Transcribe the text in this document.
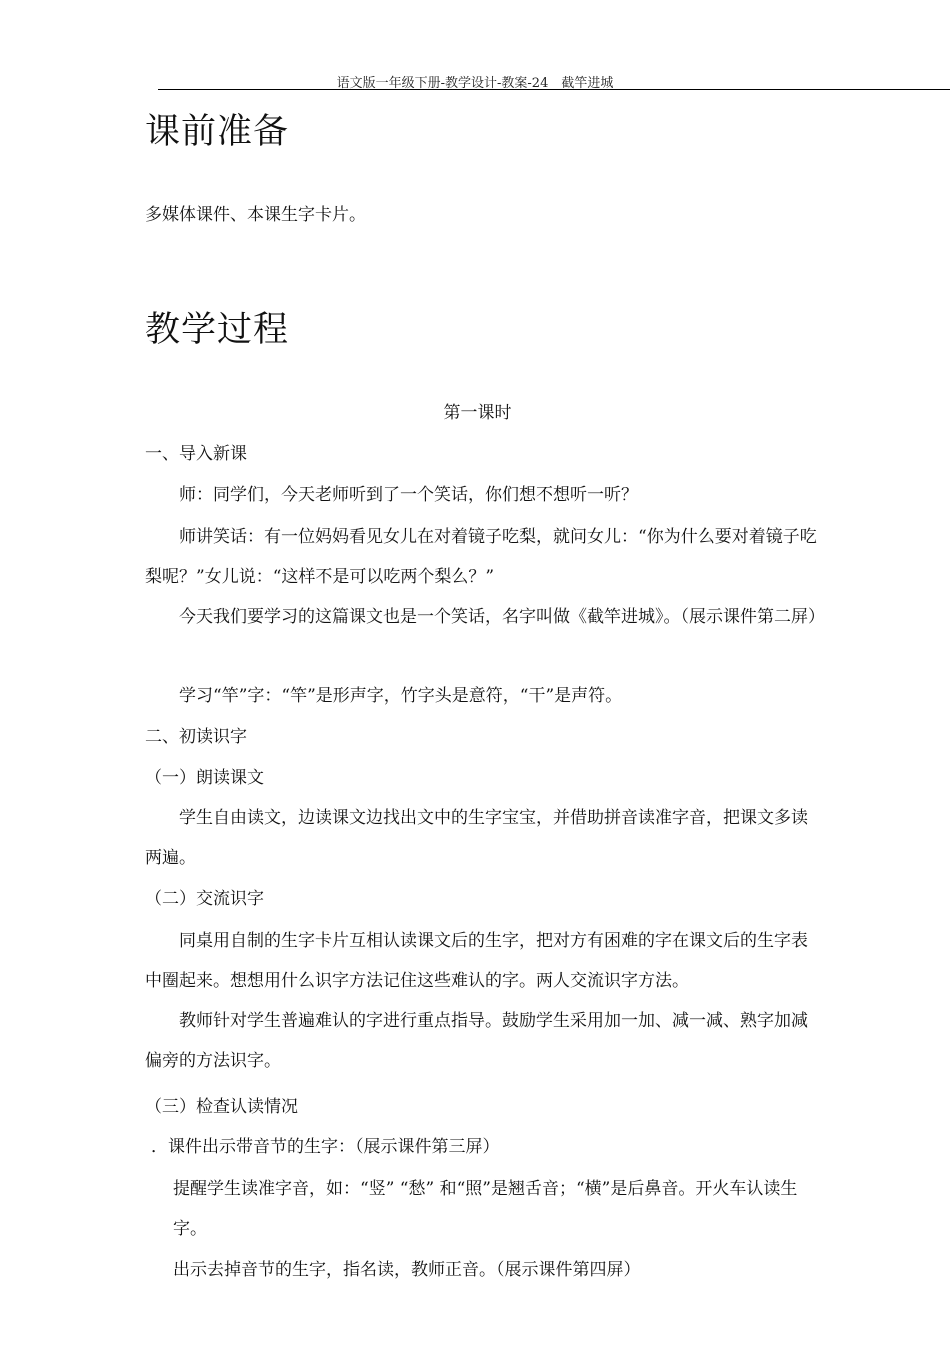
语文版一年级下册-教学设计-教案-24　截竿进城
课前准备
多媒体课件、本课生字卡片。
教学过程
第一课时
一、导入新课
师：同学们，今天老师听到了一个笑话，你们想不想听一听？
师讲笑话：有一位妈妈看见女儿在对着镜子吃梨，就问女儿：“你为什么要对着镜子吃梨呢？”女儿说：“这样不是可以吃两个梨么？”
今天我们要学习的这篇课文也是一个笑话，名字叫做《截竿进城》。（展示课件第二屏）
学习“竿”字：“竿”是形声字，竹字头是意符，“干”是声符。
二、初读识字
（一）朗读课文
学生自由读文，边读课文边找出文中的生字宝宝，并借助拼音读准字音，把课文多读两遍。
（二）交流识字
同桌用自制的生字卡片互相认读课文后的生字，把对方有困难的字在课文后的生字表中圈起来。想想用什么识字方法记住这些难认的字。两人交流识字方法。
教师针对学生普遍难认的字进行重点指导。鼓励学生采用加一加、减一减、熟字加减偏旁的方法识字。
（三）检查认读情况
．课件出示带音节的生字：（展示课件第三屏）
提醒学生读准字音，如：“竖” “愁” 和“照”是翘舌音；“横”是后鼻音。开火车认读生字。
出示去掉音节的生字，指名读，教师正音。（展示课件第四屏）
